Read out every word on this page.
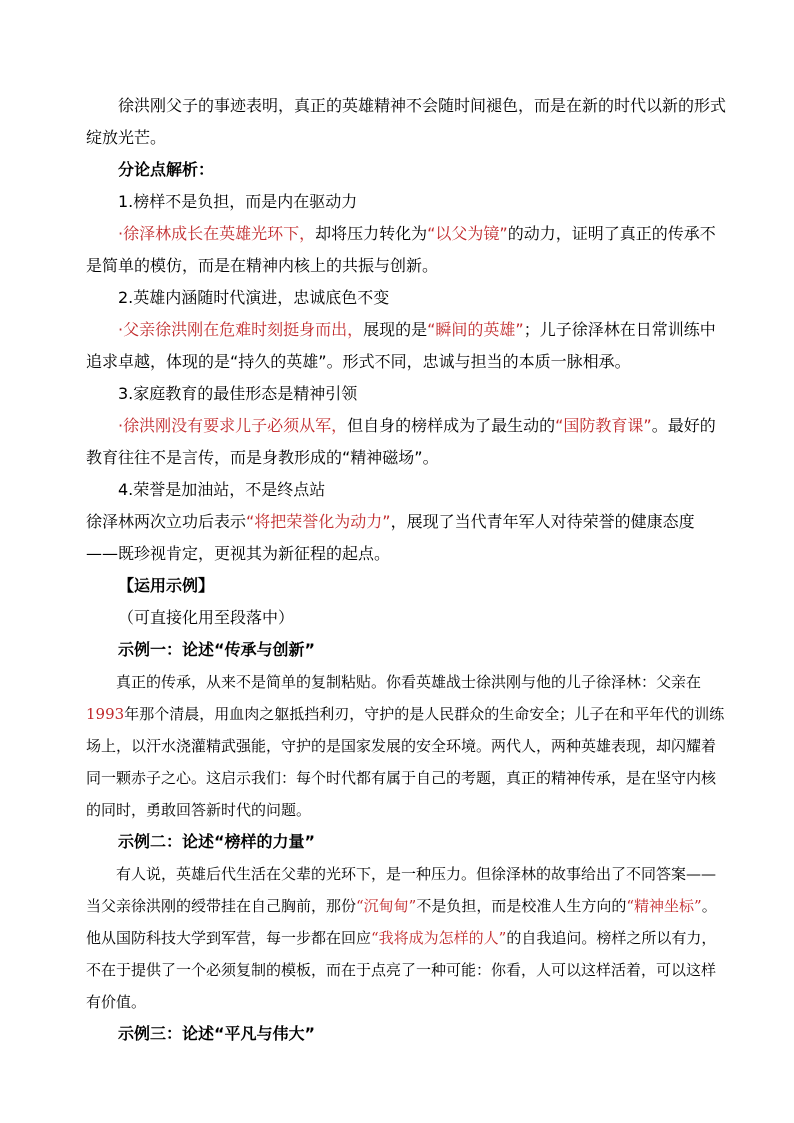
徐洪刚父子的事迹表明，真正的英雄精神不会随时间褪色，而是在新的时代以新的形式绽放光芒。

分论点解析：

1.榜样不是负担，而是内在驱动力

·徐泽林成长在英雄光环下，却将压力转化为“以父为镜”的动力，证明了真正的传承不是简单的模仿，而是在精神内核上的共振与创新。

2.英雄内涵随时代演进，忠诚底色不变

·父亲徐洪刚在危难时刻挺身而出，展现的是“瞬间的英雄”；儿子徐泽林在日常训练中追求卓越，体现的是“持久的英雄”。形式不同，忠诚与担当的本质一脉相承。

3.家庭教育的最佳形态是精神引领

·徐洪刚没有要求儿子必须从军，但自身的榜样成为了最生动的“国防教育课”。最好的教育往往不是言传，而是身教形成的“精神磁场”。

4.荣誉是加油站，不是终点站

徐泽林两次立功后表示“将把荣誉化为动力”，展现了当代青年军人对待荣誉的健康态度——既珍视肯定，更视其为新征程的起点。

【运用示例】

（可直接化用至段落中）

示例一：论述“传承与创新”

真正的传承，从来不是简单的复制粘贴。你看英雄战士徐洪刚与他的儿子徐泽林：父亲在1993年那个清晨，用血肉之躯抵挡利刃，守护的是人民群众的生命安全；儿子在和平年代的训练场上，以汗水浇灌精武强能，守护的是国家发展的安全环境。两代人，两种英雄表现，却闪耀着同一颗赤子之心。这启示我们：每个时代都有属于自己的考题，真正的精神传承，是在坚守内核的同时，勇敢回答新时代的问题。

示例二：论述“榜样的力量”

有人说，英雄后代生活在父辈的光环下，是一种压力。但徐泽林的故事给出了不同答案——当父亲徐洪刚的绶带挂在自己胸前，那份“沉甸甸”不是负担，而是校准人生方向的“精神坐标”。他从国防科技大学到军营，每一步都在回应“我将成为怎样的人”的自我追问。榜样之所以有力，不在于提供了一个必须复制的模板，而在于点亮了一种可能：你看，人可以这样活着，可以这样有价值。

示例三：论述“平凡与伟大”
